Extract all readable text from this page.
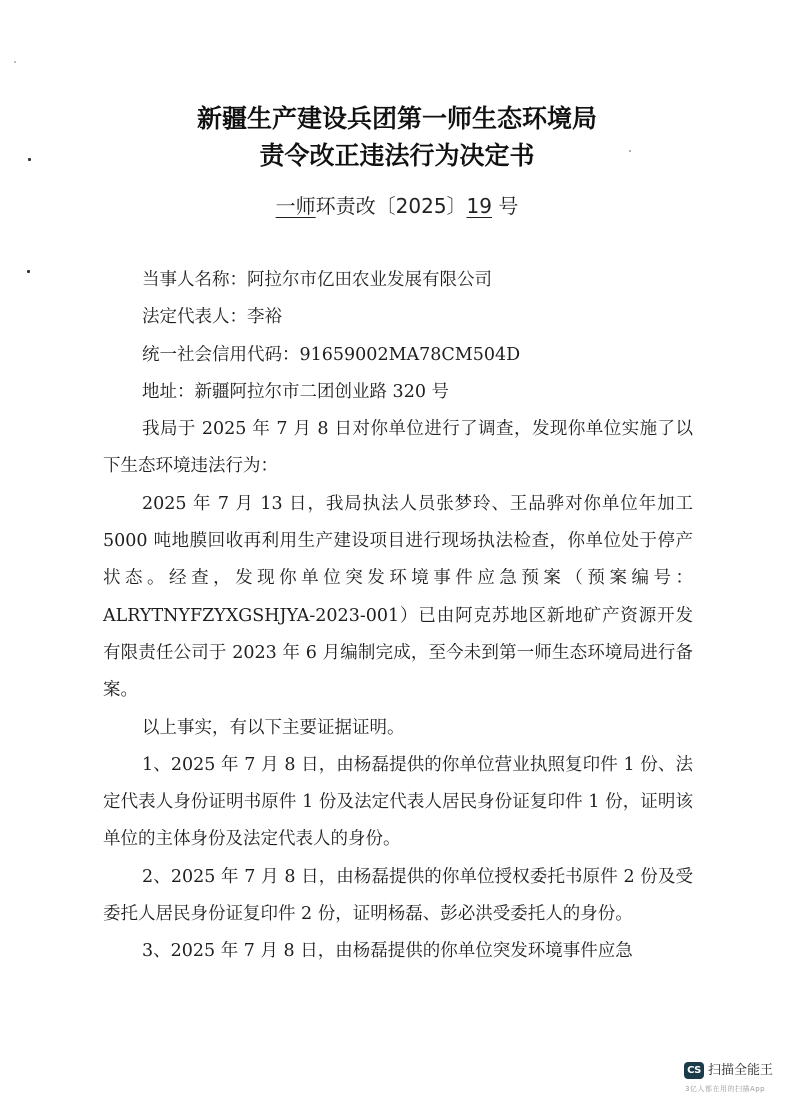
新疆生产建设兵团第一师生态环境局
责令改正违法行为决定书
一师环责改〔2025〕19 号

当事人名称：阿拉尔市亿田农业发展有限公司

法定代表人：李裕

统一社会信用代码：91659002MA78CM504D

地址：新疆阿拉尔市二团创业路 320 号

我局于 2025 年 7 月 8 日对你单位进行了调查，发现你单位实施了以下生态环境违法行为：

2025 年 7 月 13 日，我局执法人员张梦玲、王品骅对你单位年加工 5000 吨地膜回收再利用生产建设项目进行现场执法检查，你单位处于停产状态。经查，发现你单位突发环境事件应急预案（预案编号：ALRYTNYFZYXGSHJYA-2023-001）已由阿克苏地区新地矿产资源开发有限责任公司于 2023 年 6 月编制完成，至今未到第一师生态环境局进行备案。

以上事实，有以下主要证据证明。

1、2025 年 7 月 8 日，由杨磊提供的你单位营业执照复印件 1 份、法定代表人身份证明书原件 1 份及法定代表人居民身份证复印件 1 份，证明该单位的主体身份及法定代表人的身份。

2、2025 年 7 月 8 日，由杨磊提供的你单位授权委托书原件 2 份及受委托人居民身份证复印件 2 份，证明杨磊、彭必洪受委托人的身份。

3、2025 年 7 月 8 日，由杨磊提供的你单位突发环境事件应急

CS 扫描全能王
3亿人都在用的扫描App
